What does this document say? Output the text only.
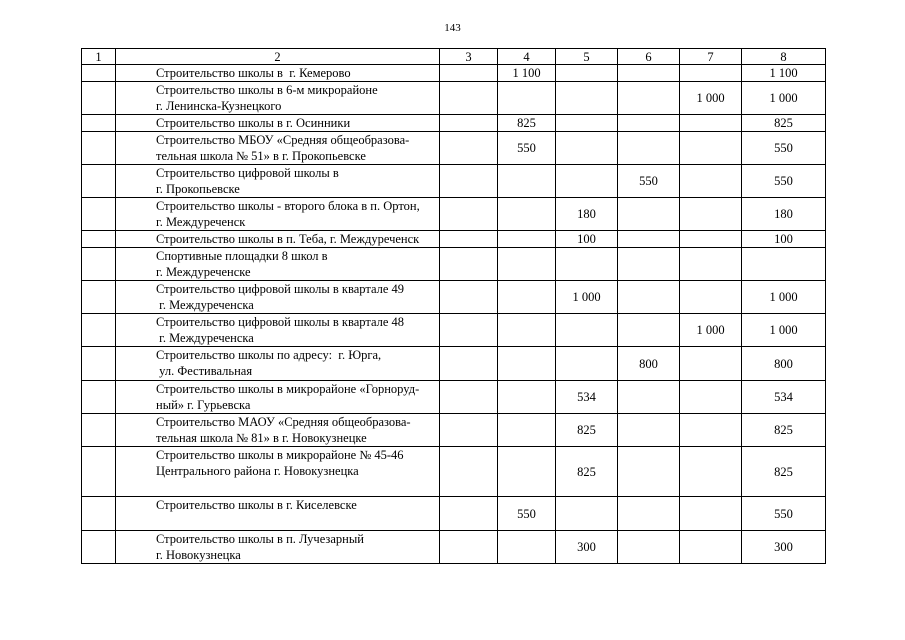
143
1	2	3	4	5	6	7	8
	Строительство школы в  г. Кемерово		1 100				1 100
	Строительство школы в 6-м микрорайоне
г. Ленинска-Кузнецкого					1 000	1 000
	Строительство школы в г. Осинники		825				825
	Строительство МБОУ «Средняя общеобразова-
тельная школа № 51» в г. Прокопьевске		550				550
	Строительство цифровой школы в
г. Прокопьевске				550		550
	Строительство школы - второго блока в п. Ортон,
г. Междуреченск			180			180
	Строительство школы в п. Теба, г. Междуреченск			100			100
	Спортивные площадки 8 школ в
г. Междуреченске						
	Строительство цифровой школы в квартале 49
г. Междуреченска			1 000			1 000
	Строительство цифровой школы в квартале 48
г. Междуреченска					1 000	1 000
	Строительство школы по адресу:  г. Юрга,
ул. Фестивальная				800		800
	Строительство школы в микрорайоне «Горноруд-
ный» г. Гурьевска			534			534
	Строительство МАОУ «Средняя общеобразова-
тельная школа № 81» в г. Новокузнецке			825			825
	Строительство школы в микрорайоне № 45-46
Центрального района г. Новокузнецка			825			825
	Строительство школы в г. Киселевске		550				550
	Строительство школы в п. Лучезарный
г. Новокузнецка			300			300
